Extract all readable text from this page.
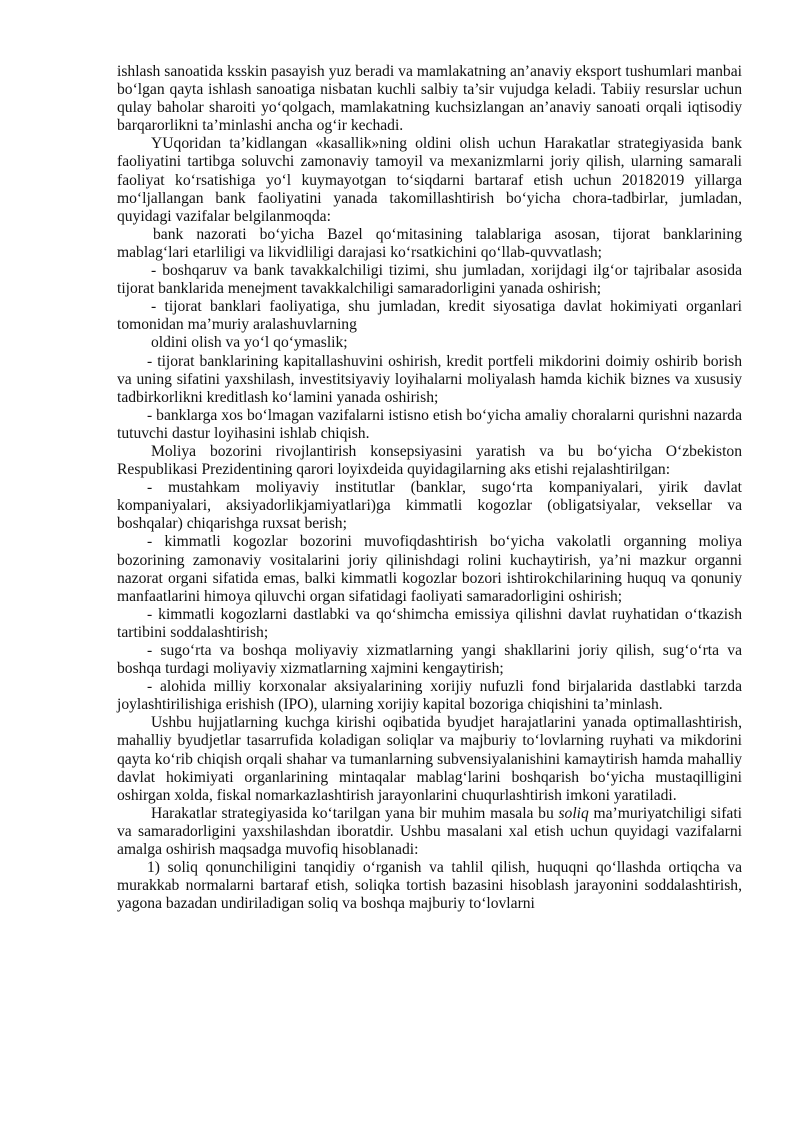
ishlash sanoatida ksskin pasayish yuz beradi va mamlakatning an’anaviy eksport tushumlari manbai bo‘lgan qayta ishlash sanoatiga nisbatan kuchli salbiy ta’sir vujudga keladi. Tabiiy resurslar uchun qulay baholar sharoiti yo‘qolgach, mamlakatning kuchsizlangan an’anaviy sanoati orqali iqtisodiy barqarorlikni ta’minlashi ancha og‘ir kechadi.

YUqoridan ta’kidlangan «kasallik»ning oldini olish uchun Harakatlar strategiyasida bank faoliyatini tartibga soluvchi zamonaviy tamoyil va mexanizmlarni joriy qilish, ularning samarali faoliyat ko‘rsatishiga yo‘l kuymayotgan to‘siqdarni bartaraf etish uchun 20182019 yillarga mo‘ljallangan bank faoliyatini yanada takomillashtirish bo‘yicha chora-tadbirlar, jumladan, quyidagi vazifalar belgilanmoqda:

bank nazorati bo‘yicha Bazel qo‘mitasining talablariga asosan, tijorat banklarining mablag‘lari etarliligi va likvidliligi darajasi ko‘rsatkichini qo‘llab-quvvatlash;

- boshqaruv va bank tavakkalchiligi tizimi, shu jumladan, xorijdagi ilg‘or tajribalar asosida tijorat banklarida menejment tavakkalchiligi samaradorligini yanada oshirish;

- tijorat banklari faoliyatiga, shu jumladan, kredit siyosatiga davlat hokimiyati organlari tomonidan ma’muriy aralashuvlarning

oldini olish va yo‘l qo‘ymaslik;

- tijorat banklarining kapitallashuvini oshirish, kredit portfeli mikdorini doimiy oshirib borish va uning sifatini yaxshilash, investitsiyaviy loyihalarni moliyalash hamda kichik biznes va xususiy tadbirkorlikni kreditlash ko‘lamini yanada oshirish;

- banklarga xos bo‘lmagan vazifalarni istisno etish bo‘yicha amaliy choralarni qurishni nazarda tutuvchi dastur loyihasini ishlab chiqish.

Moliya bozorini rivojlantirish konsepsiyasini yaratish va bu bo‘yicha O‘zbekiston Respublikasi Prezidentining qarori loyixdeida quyidagilarning aks etishi rejalashtirilgan:

- mustahkam moliyaviy institutlar (banklar, sugo‘rta kompaniyalari, yirik davlat kompaniyalari, aksiyadorlikjamiyatlari)ga kimmatli kogozlar (obligatsiyalar, veksellar va boshqalar) chiqarishga ruxsat berish;

- kimmatli kogozlar bozorini muvofiqdashtirish bo‘yicha vakolatli organning moliya bozorining zamonaviy vositalarini joriy qilinishdagi rolini kuchaytirish, ya’ni mazkur organni nazorat organi sifatida emas, balki kimmatli kogozlar bozori ishtirokchilarining huquq va qonuniy manfaatlarini himoya qiluvchi organ sifatidagi faoliyati samaradorligini oshirish;

- kimmatli kogozlarni dastlabki va qo‘shimcha emissiya qilishni davlat ruyhatidan o‘tkazish tartibini soddalashtirish;

- sugo‘rta va boshqa moliyaviy xizmatlarning yangi shakllarini joriy qilish, sug‘o‘rta va boshqa turdagi moliyaviy xizmatlarning xajmini kengaytirish;

- alohida milliy korxonalar aksiyalarining xorijiy nufuzli fond birjalarida dastlabki tarzda joylashtirilishiga erishish (IPO), ularning xorijiy kapital bozoriga chiqishini ta’minlash.

Ushbu hujjatlarning kuchga kirishi oqibatida byudjet harajatlarini yanada optimallashtirish, mahalliy byudjetlar tasarrufida koladigan soliqlar va majburiy to‘lovlarning ruyhati va mikdorini qayta ko‘rib chiqish orqali shahar va tumanlarning subvensiyalanishini kamaytirish hamda mahalliy davlat hokimiyati organlarining mintaqalar mablag‘larini boshqarish bo‘yicha mustaqilligini oshirgan xolda, fiskal nomarkazlashtirish jarayonlarini chuqurlashtirish imkoni yaratiladi.

Harakatlar strategiyasida ko‘tarilgan yana bir muhim masala bu soliq ma’muriyatchiligi sifati va samaradorligini yaxshilashdan iboratdir. Ushbu masalani xal etish uchun quyidagi vazifalarni amalga oshirish maqsadga muvofiq hisoblanadi:

1) soliq qonunchiligini tanqidiy o‘rganish va tahlil qilish, huquqni qo‘llashda ortiqcha va murakkab normalarni bartaraf etish, soliqka tortish bazasini hisoblash jarayonini soddalashtirish, yagona bazadan undiriladigan soliq va boshqa majburiy to‘lovlarni
